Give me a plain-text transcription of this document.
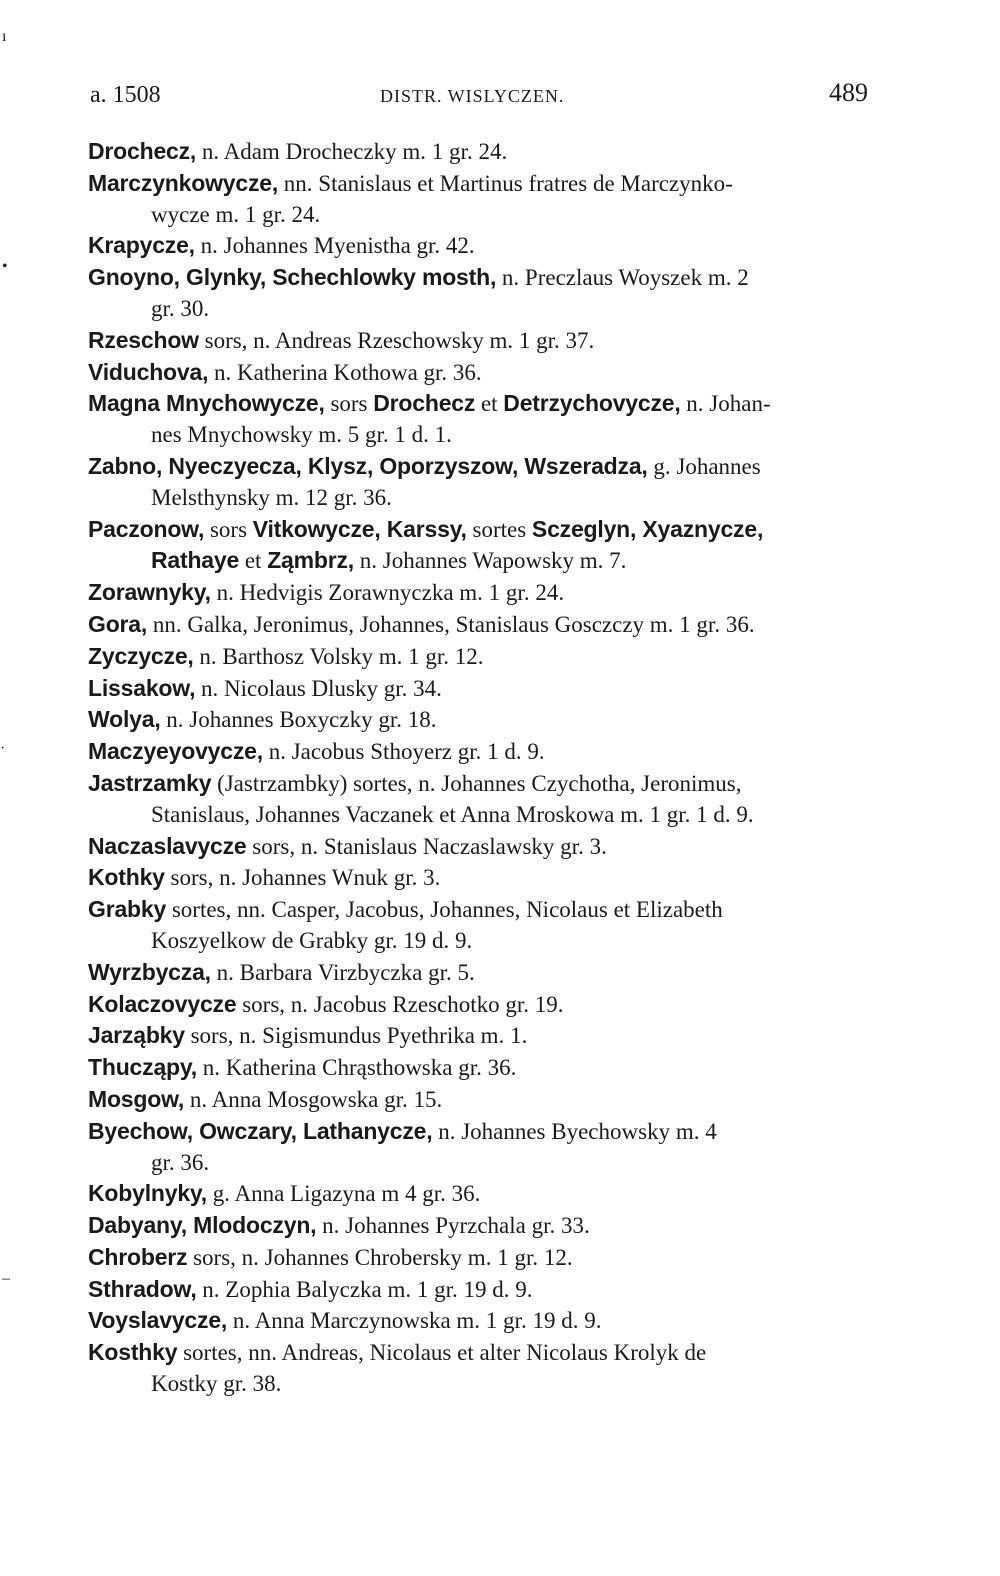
a. 1508	DISTR. WISLYCZEN.	489

Drochecz, n. Adam Drocheczky m. 1 gr. 24.

Marczynkowycze, nn. Stanislaus et Martinus fratres de Marczynko-

wycze m. 1 gr. 24.

Krapycze, n. Johannes Myenistha gr. 42.

Gnoyno, Glynky, Schechlowky mosth, n. Preczlaus Woyszek m. 2

gr. 30.

Rzeschow sors, n. Andreas Rzeschowsky m. 1 gr. 37.

Viduchova, n. Katherina Kothowa gr. 36.

Magna Mnychowycze, sors Drochecz et Detrzychovycze, n. Johan-

nes Mnychowsky m. 5 gr. 1 d. 1.

Zabno, Nyeczyecza, Klysz, Oporzyszow, Wszeradza, g. Johannes

Melsthynsky m. 12 gr. 36.

Paczonow, sors Vitkowycze, Karssy, sortes Sczeglyn, Xyaznycze,

Rathaye et Ząmbrz, n. Johannes Wapowsky m. 7.

Zorawnyky, n. Hedvigis Zorawnyczka m. 1 gr. 24.

Gora, nn. Galka, Jeronimus, Johannes, Stanislaus Gosczczy m. 1 gr. 36.

Zyczycze, n. Barthosz Volsky m. 1 gr. 12.

Lissakow, n. Nicolaus Dlusky gr. 34.

Wolya, n. Johannes Boxyczky gr. 18.

Maczyeyovycze, n. Jacobus Sthoyerz gr. 1 d. 9.

Jastrzamky (Jastrzambky) sortes, n. Johannes Czychotha, Jeronimus,

Stanislaus, Johannes Vaczanek et Anna Mroskowa m. 1 gr. 1 d. 9.

Naczaslavycze sors, n. Stanislaus Naczaslawsky gr. 3.

Kothky sors, n. Johannes Wnuk gr. 3.

Grabky sortes, nn. Casper, Jacobus, Johannes, Nicolaus et Elizabeth

Koszyelkow de Grabky gr. 19 d. 9.

Wyrzbycza, n. Barbara Virzbyczka gr. 5.

Kolaczovycze sors, n. Jacobus Rzeschotko gr. 19.

Jarząbky sors, n. Sigismundus Pyethrika m. 1.

Thucząpy, n. Katherina Chrąsthowska gr. 36.

Mosgow, n. Anna Mosgowska gr. 15.

Byechow, Owczary, Lathanycze, n. Johannes Byechowsky m. 4

gr. 36.

Kobylnyky, g. Anna Ligazyna m 4 gr. 36.

Dabyany, Mlodoczyn, n. Johannes Pyrzchala gr. 33.

Chroberz sors, n. Johannes Chrobersky m. 1 gr. 12.

Sthradow, n. Zophia Balyczka m. 1 gr. 19 d. 9.

Voyslavycze, n. Anna Marczynowska m. 1 gr. 19 d. 9.

Kosthky sortes, nn. Andreas, Nicolaus et alter Nicolaus Krolyk de

Kostky gr. 38.

ı
•
·
–
